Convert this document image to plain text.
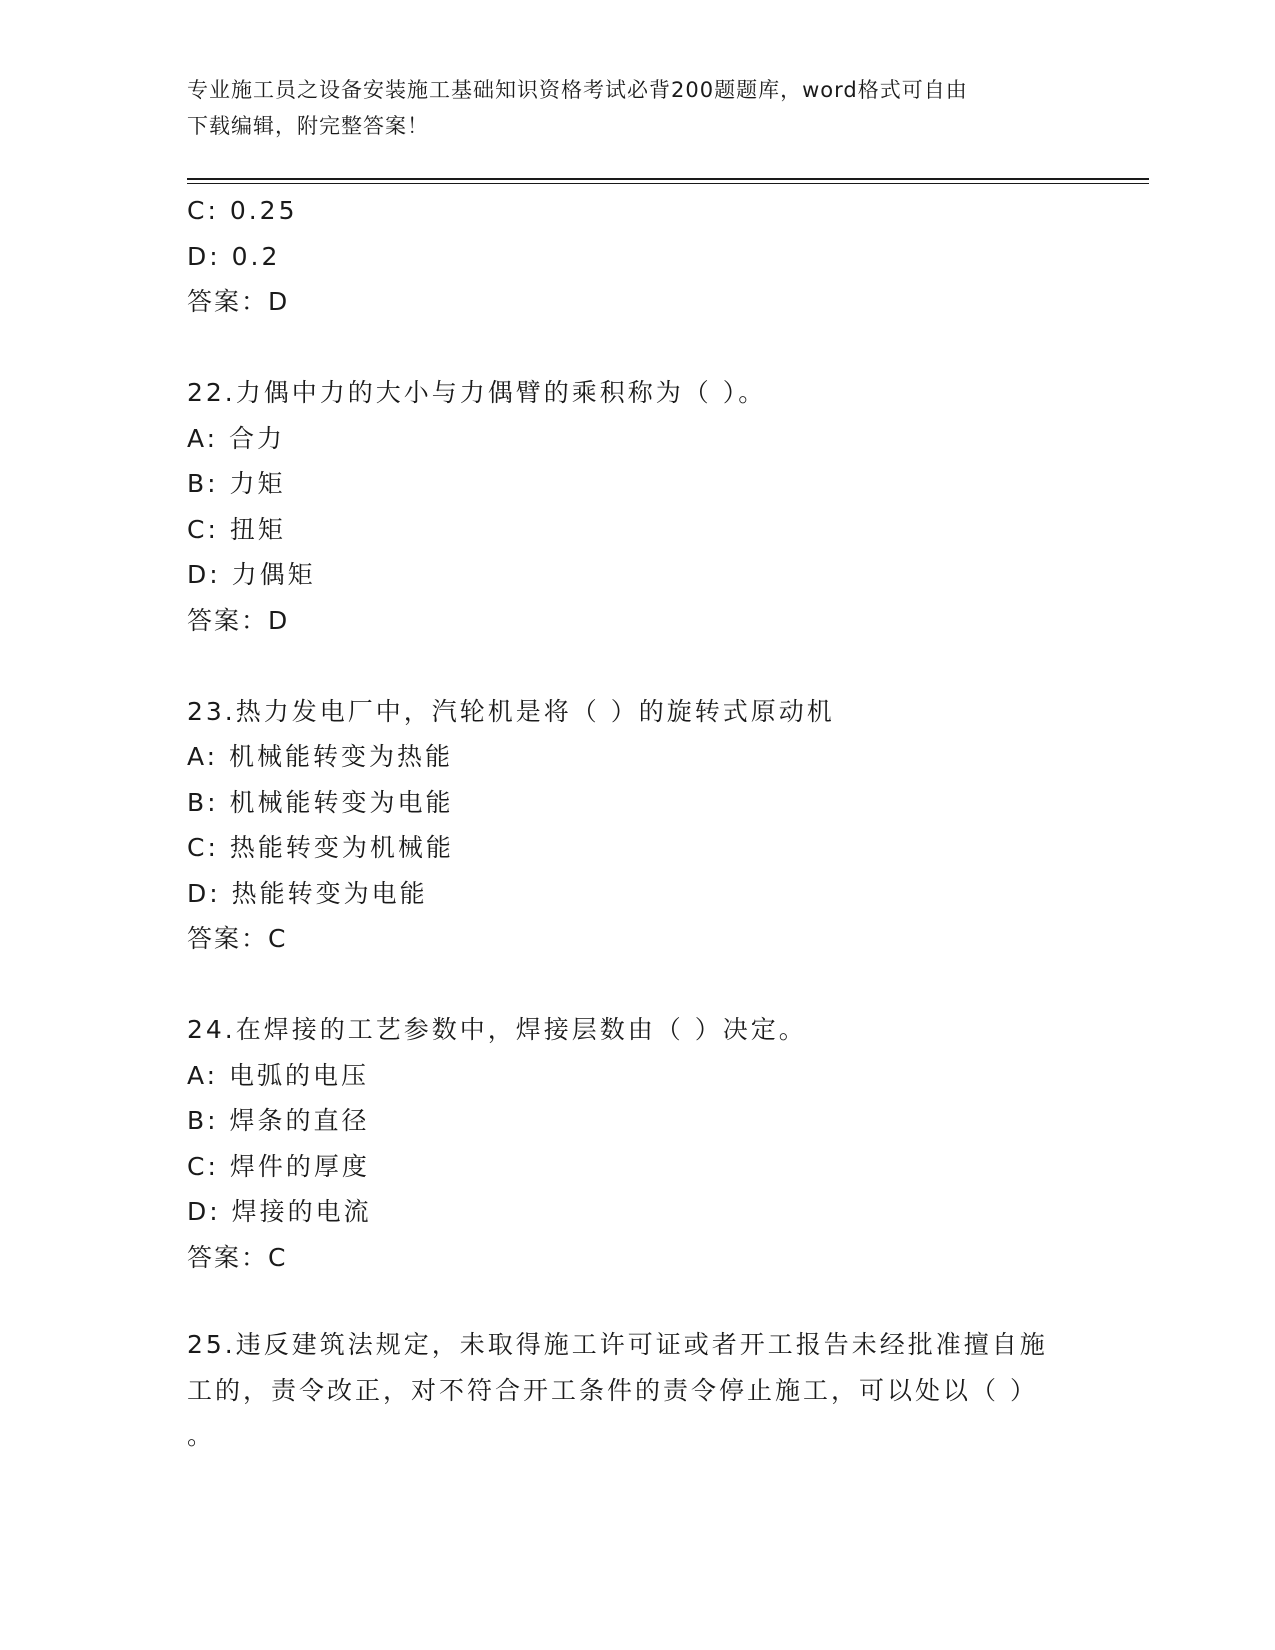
专业施工员之设备安装施工基础知识资格考试必背200题题库，word格式可自由
下载编辑，附完整答案！
C: 0.25
D: 0.2
答案：D
22.力偶中力的大小与力偶臂的乘积称为（ ）。
A: 合力
B: 力矩
C: 扭矩
D: 力偶矩
答案：D
23.热力发电厂中，汽轮机是将（ ）的旋转式原动机
A: 机械能转变为热能
B: 机械能转变为电能
C: 热能转变为机械能
D: 热能转变为电能
答案：C
24.在焊接的工艺参数中，焊接层数由（ ）决定。
A: 电弧的电压
B: 焊条的直径
C: 焊件的厚度
D: 焊接的电流
答案：C
25.违反建筑法规定，未取得施工许可证或者开工报告未经批准擅自施
工的，责令改正，对不符合开工条件的责令停止施工，可以处以（ ）
。
